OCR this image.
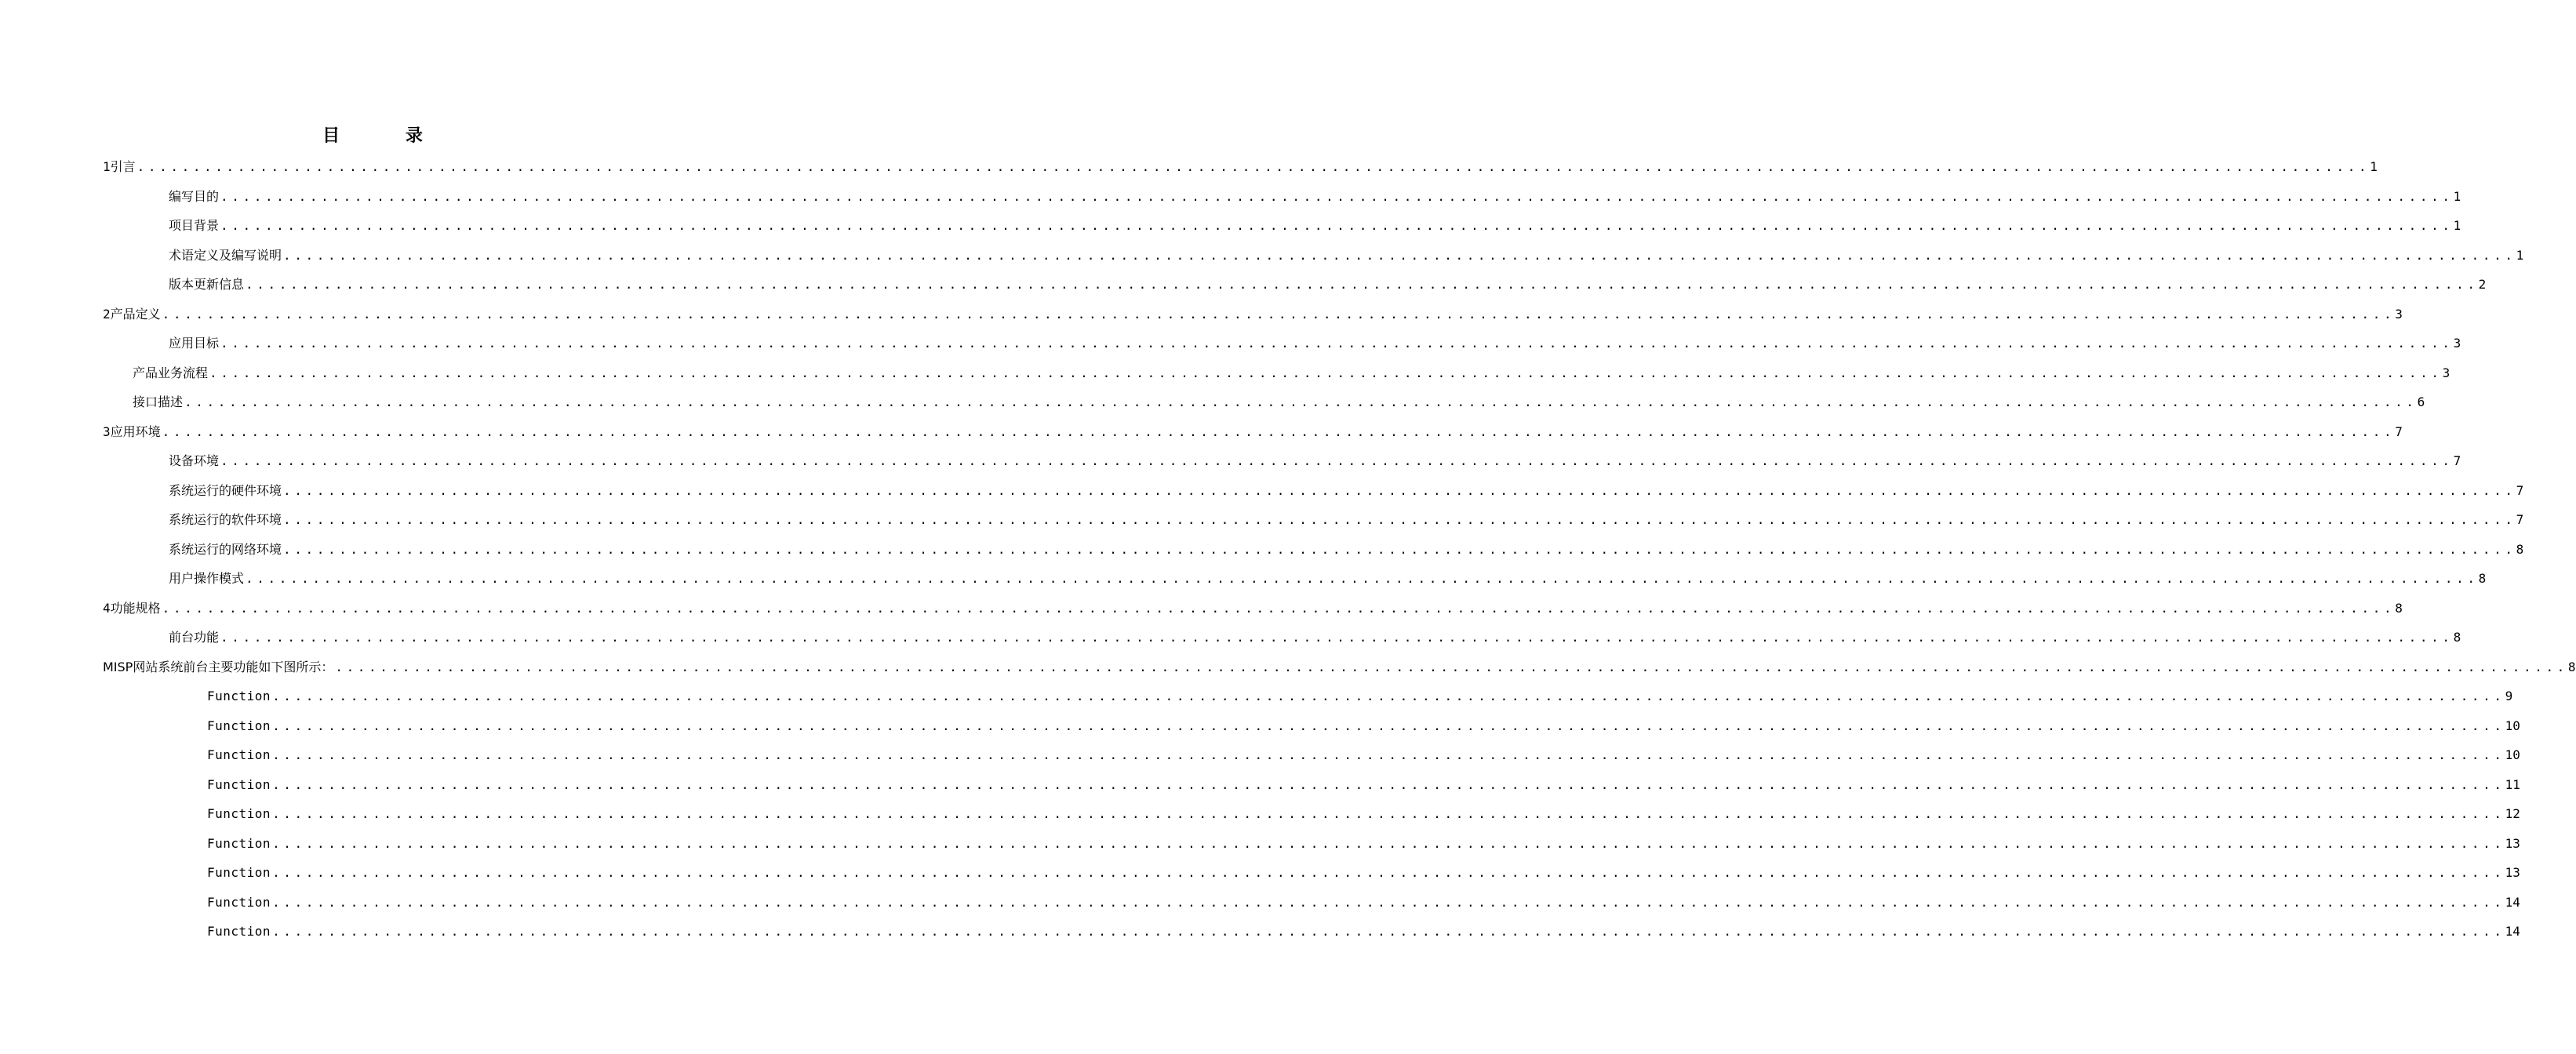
目 录
1 引言 ........................................................................................................................................................................................................ 1
编写目的 ........................................................................................................................................................................................................ 1
项目背景 ........................................................................................................................................................................................................ 1
术语定义及编写说明 ........................................................................................................................................................................................................ 1
版本更新信息 ........................................................................................................................................................................................................ 2
2 产品定义 ........................................................................................................................................................................................................ 3
应用目标 ........................................................................................................................................................................................................ 3
产品业务流程 ........................................................................................................................................................................................................ 3
接口描述 ........................................................................................................................................................................................................ 6
3 应用环境 ........................................................................................................................................................................................................ 7
设备环境 ........................................................................................................................................................................................................ 7
系统运行的硬件环境 ........................................................................................................................................................................................................ 7
系统运行的软件环境 ........................................................................................................................................................................................................ 7
系统运行的网络环境 ........................................................................................................................................................................................................ 8
用户操作模式 ........................................................................................................................................................................................................ 8
4 功能规格 ........................................................................................................................................................................................................ 8
前台功能 ........................................................................................................................................................................................................ 8
MISP网站系统前台主要功能如下图所示： ........................................................................................................................................................................................................ 8
Function ........................................................................................................................................................................................................ 9
Function ........................................................................................................................................................................................................ 10
Function ........................................................................................................................................................................................................ 10
Function ........................................................................................................................................................................................................ 11
Function ........................................................................................................................................................................................................ 12
Function ........................................................................................................................................................................................................ 13
Function ........................................................................................................................................................................................................ 13
Function ........................................................................................................................................................................................................ 14
Function ........................................................................................................................................................................................................ 14
